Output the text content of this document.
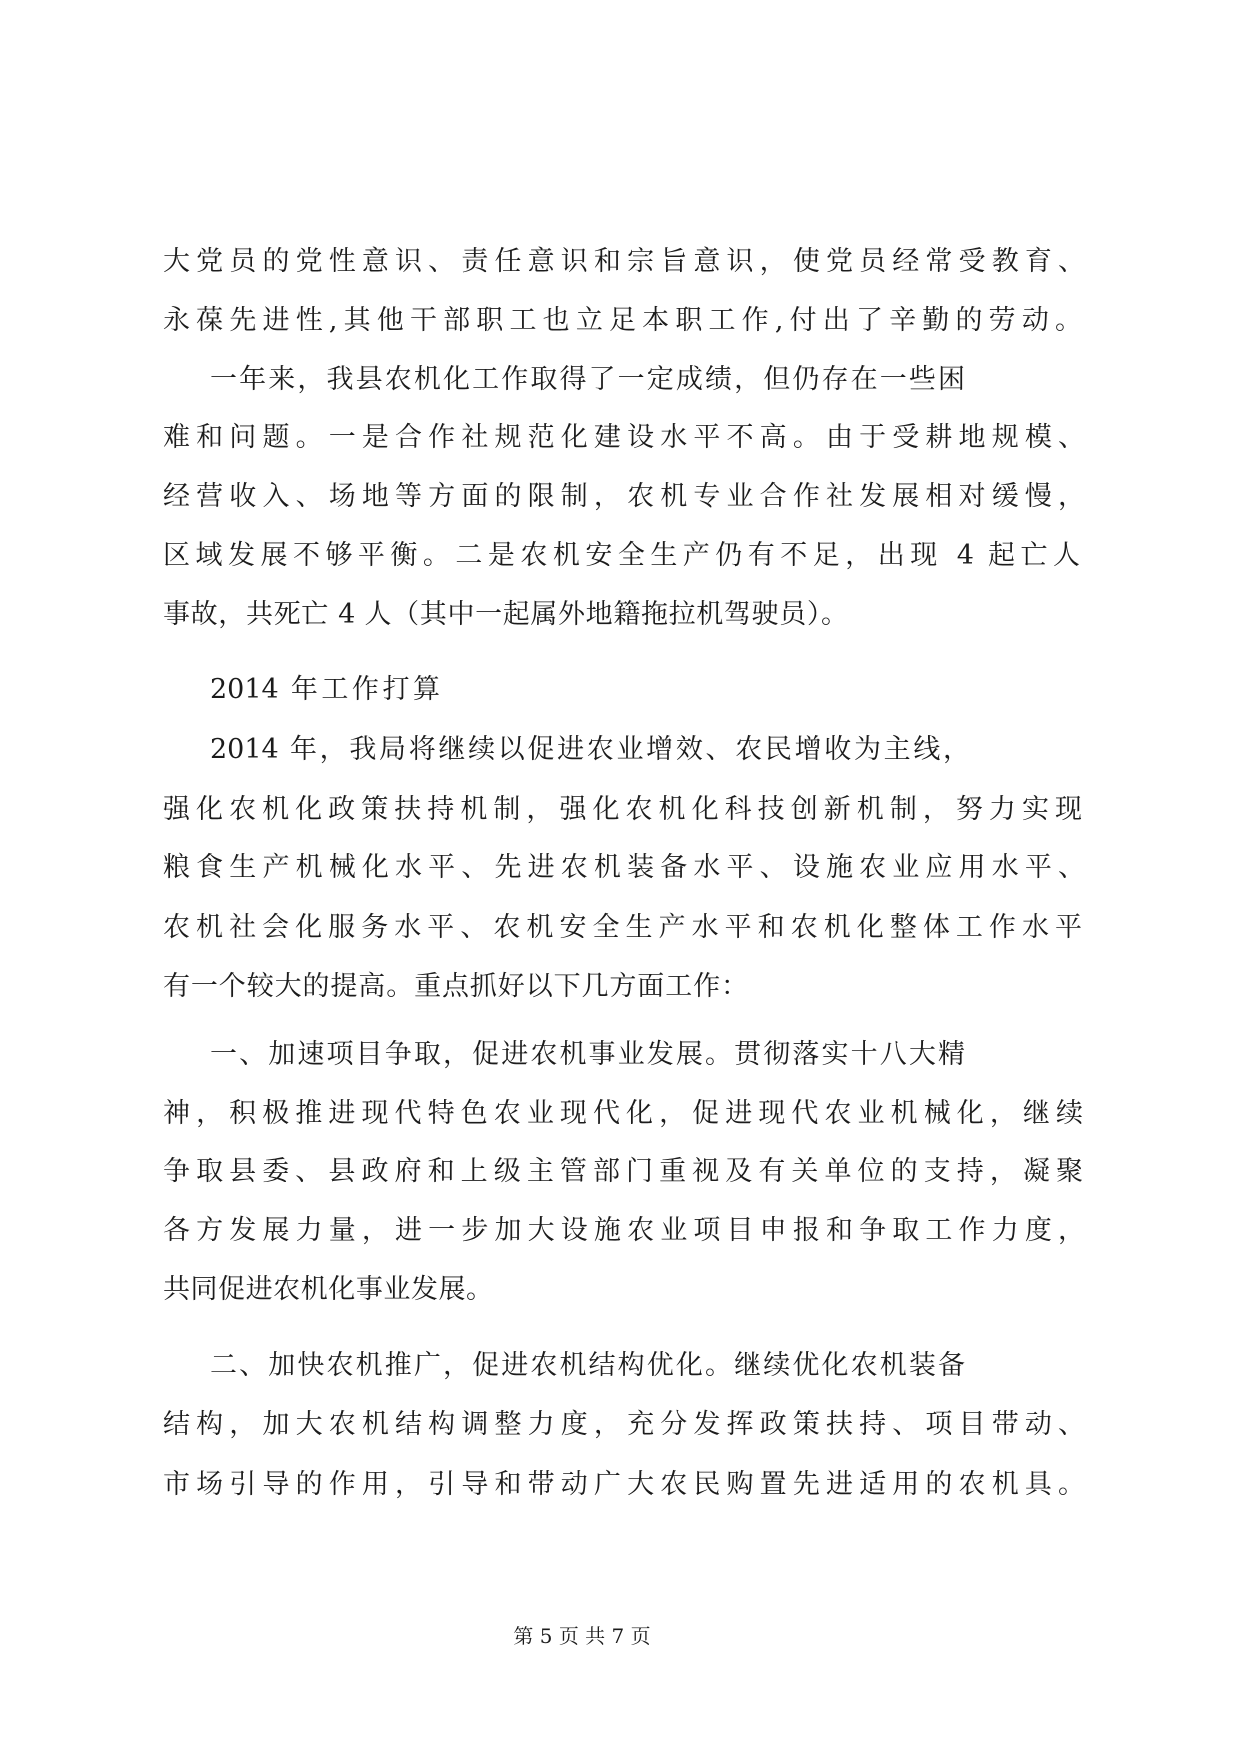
大党员的党性意识、责任意识和宗旨意识，使党员经常受教育、
永葆先进性,其他干部职工也立足本职工作,付出了辛勤的劳动。
一年来，我县农机化工作取得了一定成绩，但仍存在一些困
难和问题。一是合作社规范化建设水平不高。由于受耕地规模、
经营收入、场地等方面的限制，农机专业合作社发展相对缓慢，
区域发展不够平衡。二是农机安全生产仍有不足，出现 4 起亡人
事故，共死亡 4 人（其中一起属外地籍拖拉机驾驶员）。
2014 年工作打算
2014 年，我局将继续以促进农业增效、农民增收为主线，
强化农机化政策扶持机制，强化农机化科技创新机制，努力实现
粮食生产机械化水平、先进农机装备水平、设施农业应用水平、
农机社会化服务水平、农机安全生产水平和农机化整体工作水平
有一个较大的提高。重点抓好以下几方面工作：
一、加速项目争取，促进农机事业发展。贯彻落实十八大精
神，积极推进现代特色农业现代化，促进现代农业机械化，继续
争取县委、县政府和上级主管部门重视及有关单位的支持，凝聚
各方发展力量，进一步加大设施农业项目申报和争取工作力度，
共同促进农机化事业发展。
二、加快农机推广，促进农机结构优化。继续优化农机装备
结构，加大农机结构调整力度，充分发挥政策扶持、项目带动、
市场引导的作用，引导和带动广大农民购置先进适用的农机具。
第 5 页 共 7 页
